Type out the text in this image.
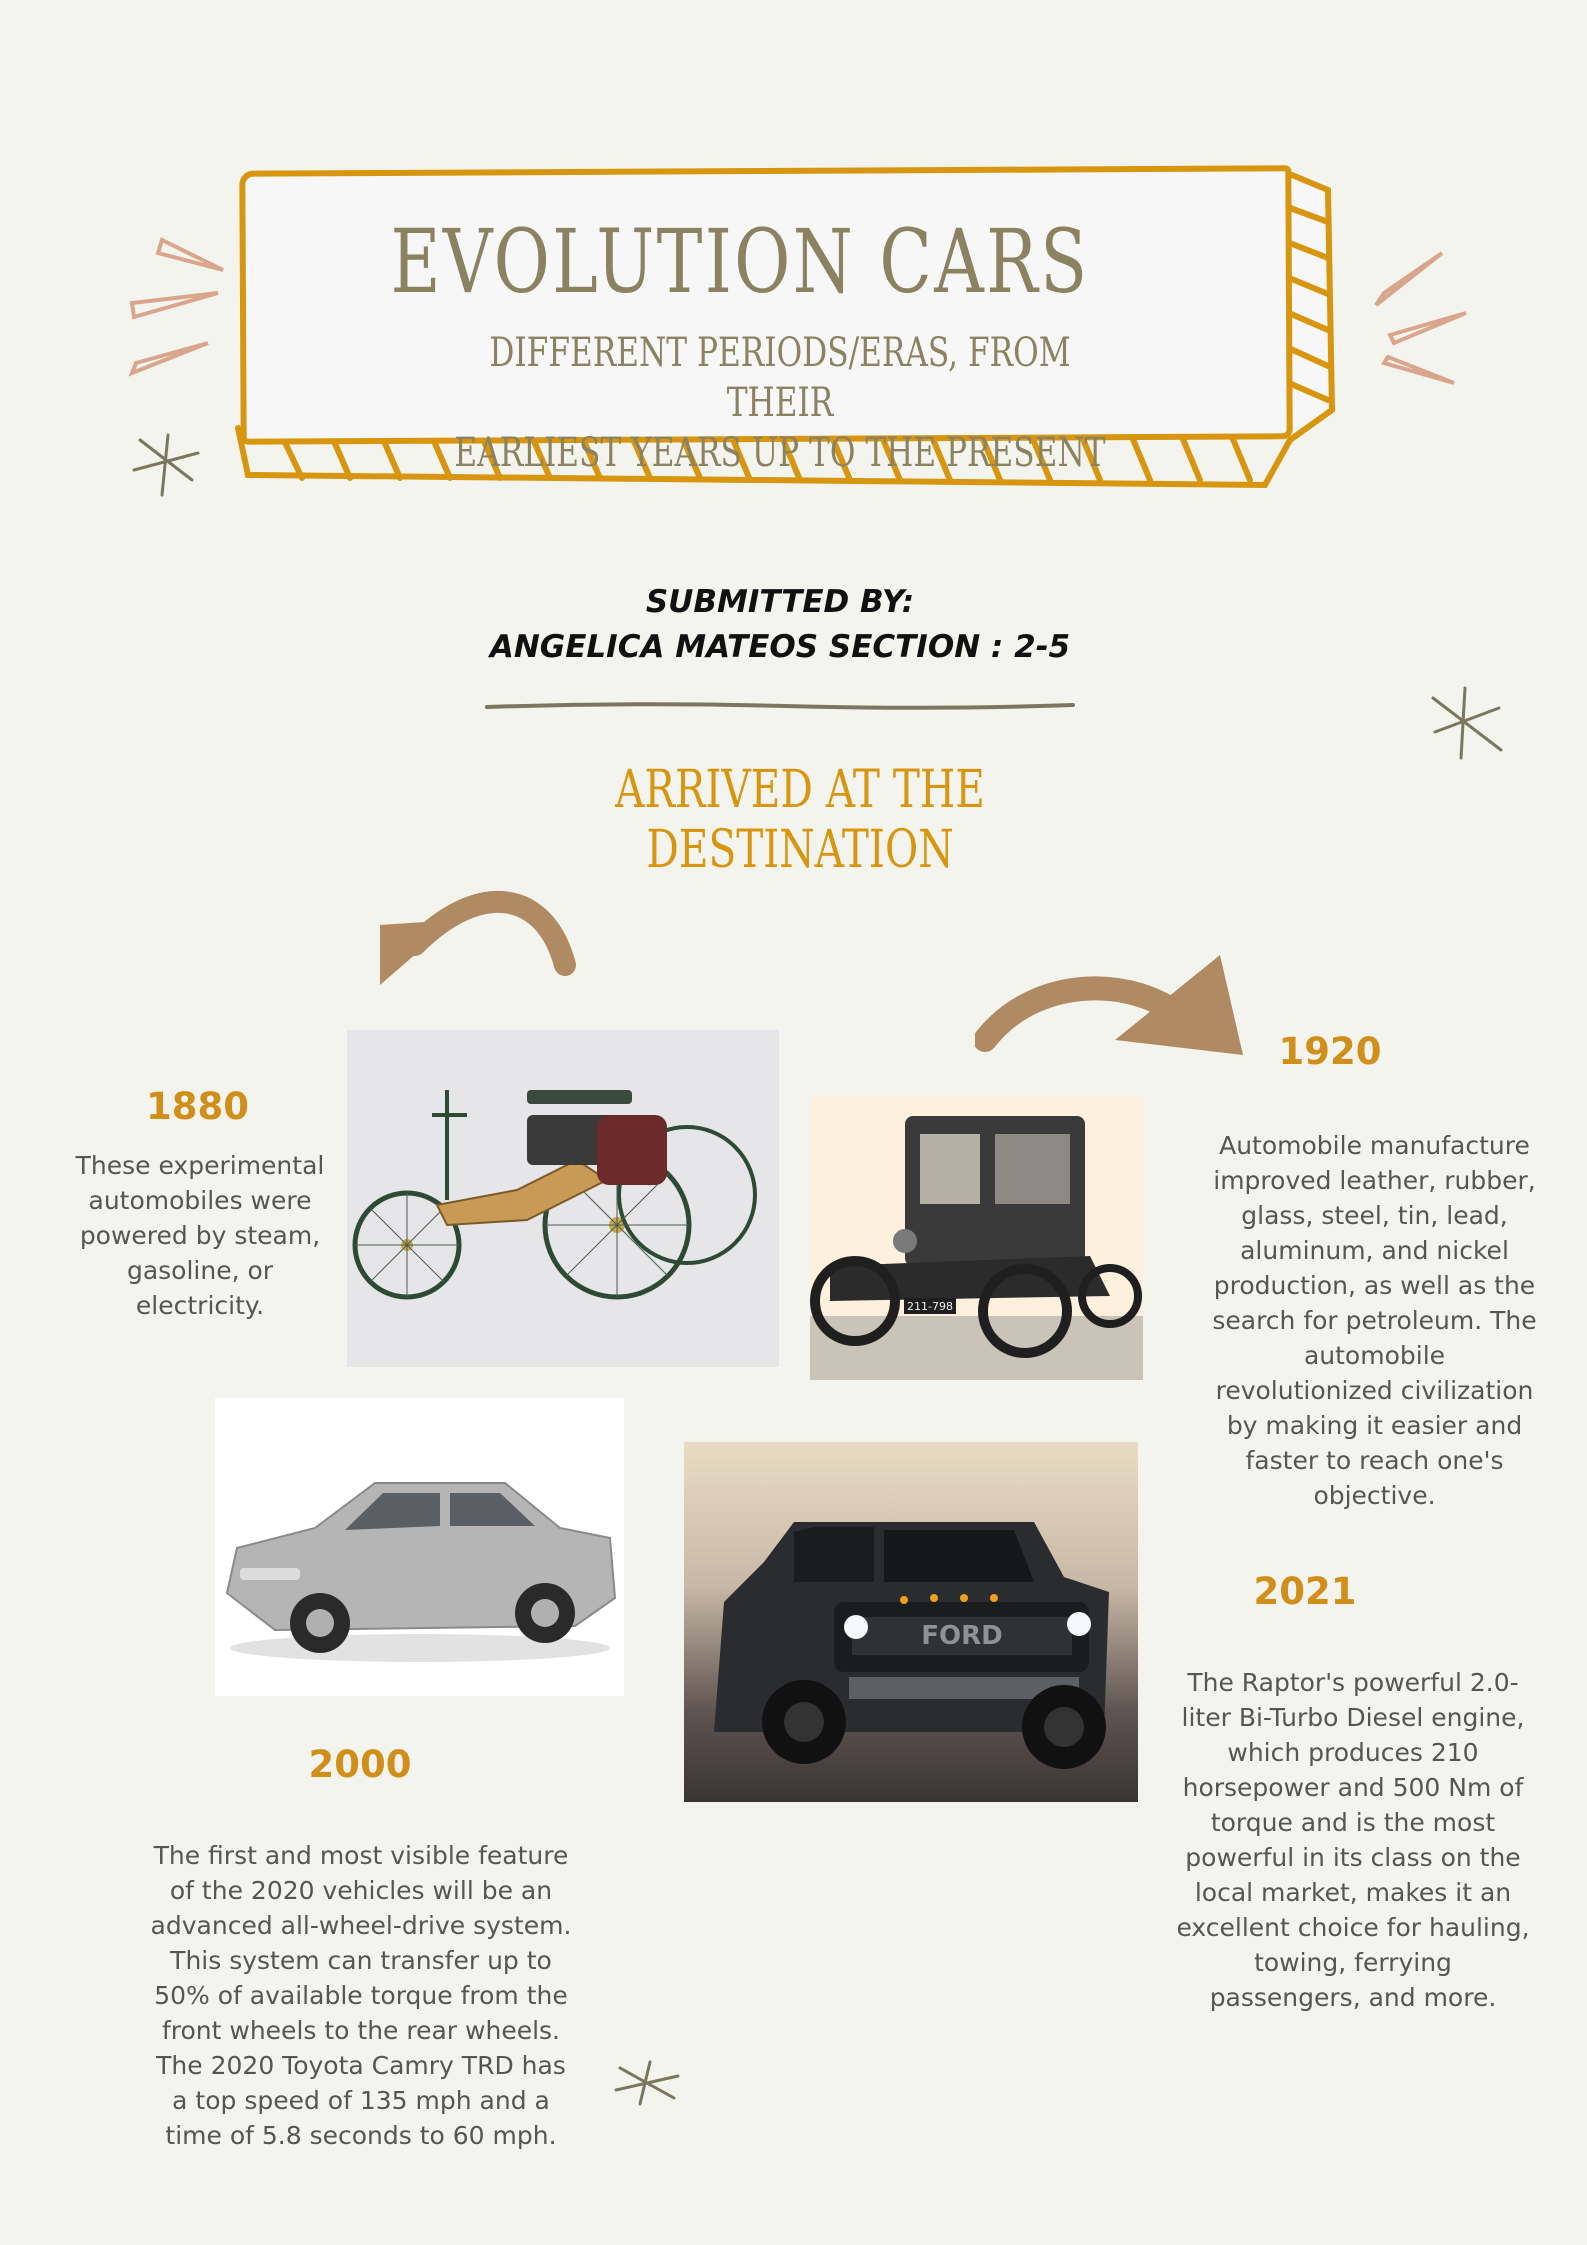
EVOLUTION CARS
DIFFERENT PERIODS/ERAS, FROM THEIR
EARLIEST YEARS UP TO THE PRESENT
SUBMITTED BY:
ANGELICA MATEOS SECTION : 2-5
ARRIVED AT THE DESTINATION
1880
These experimental automobiles were powered by steam, gasoline, or electricity.	211-798
1920
Automobile manufacture improved leather, rubber, glass, steel, tin, lead, aluminum, and nickel production, as well as the search for petroleum. The automobile revolutionized civilization by making it easier and faster to reach one's objective.
2000
The first and most visible feature of the 2020 vehicles will be an advanced all-wheel-drive system. This system can transfer up to 50% of available torque from the front wheels to the rear wheels. The 2020 Toyota Camry TRD has a top speed of 135 mph and a time of 5.8 seconds to 60 mph.
FORD
2021
The Raptor's powerful 2.0-liter Bi-Turbo Diesel engine, which produces 210 horsepower and 500 Nm of torque and is the most powerful in its class on the local market, makes it an excellent choice for hauling, towing, ferrying passengers, and more.
